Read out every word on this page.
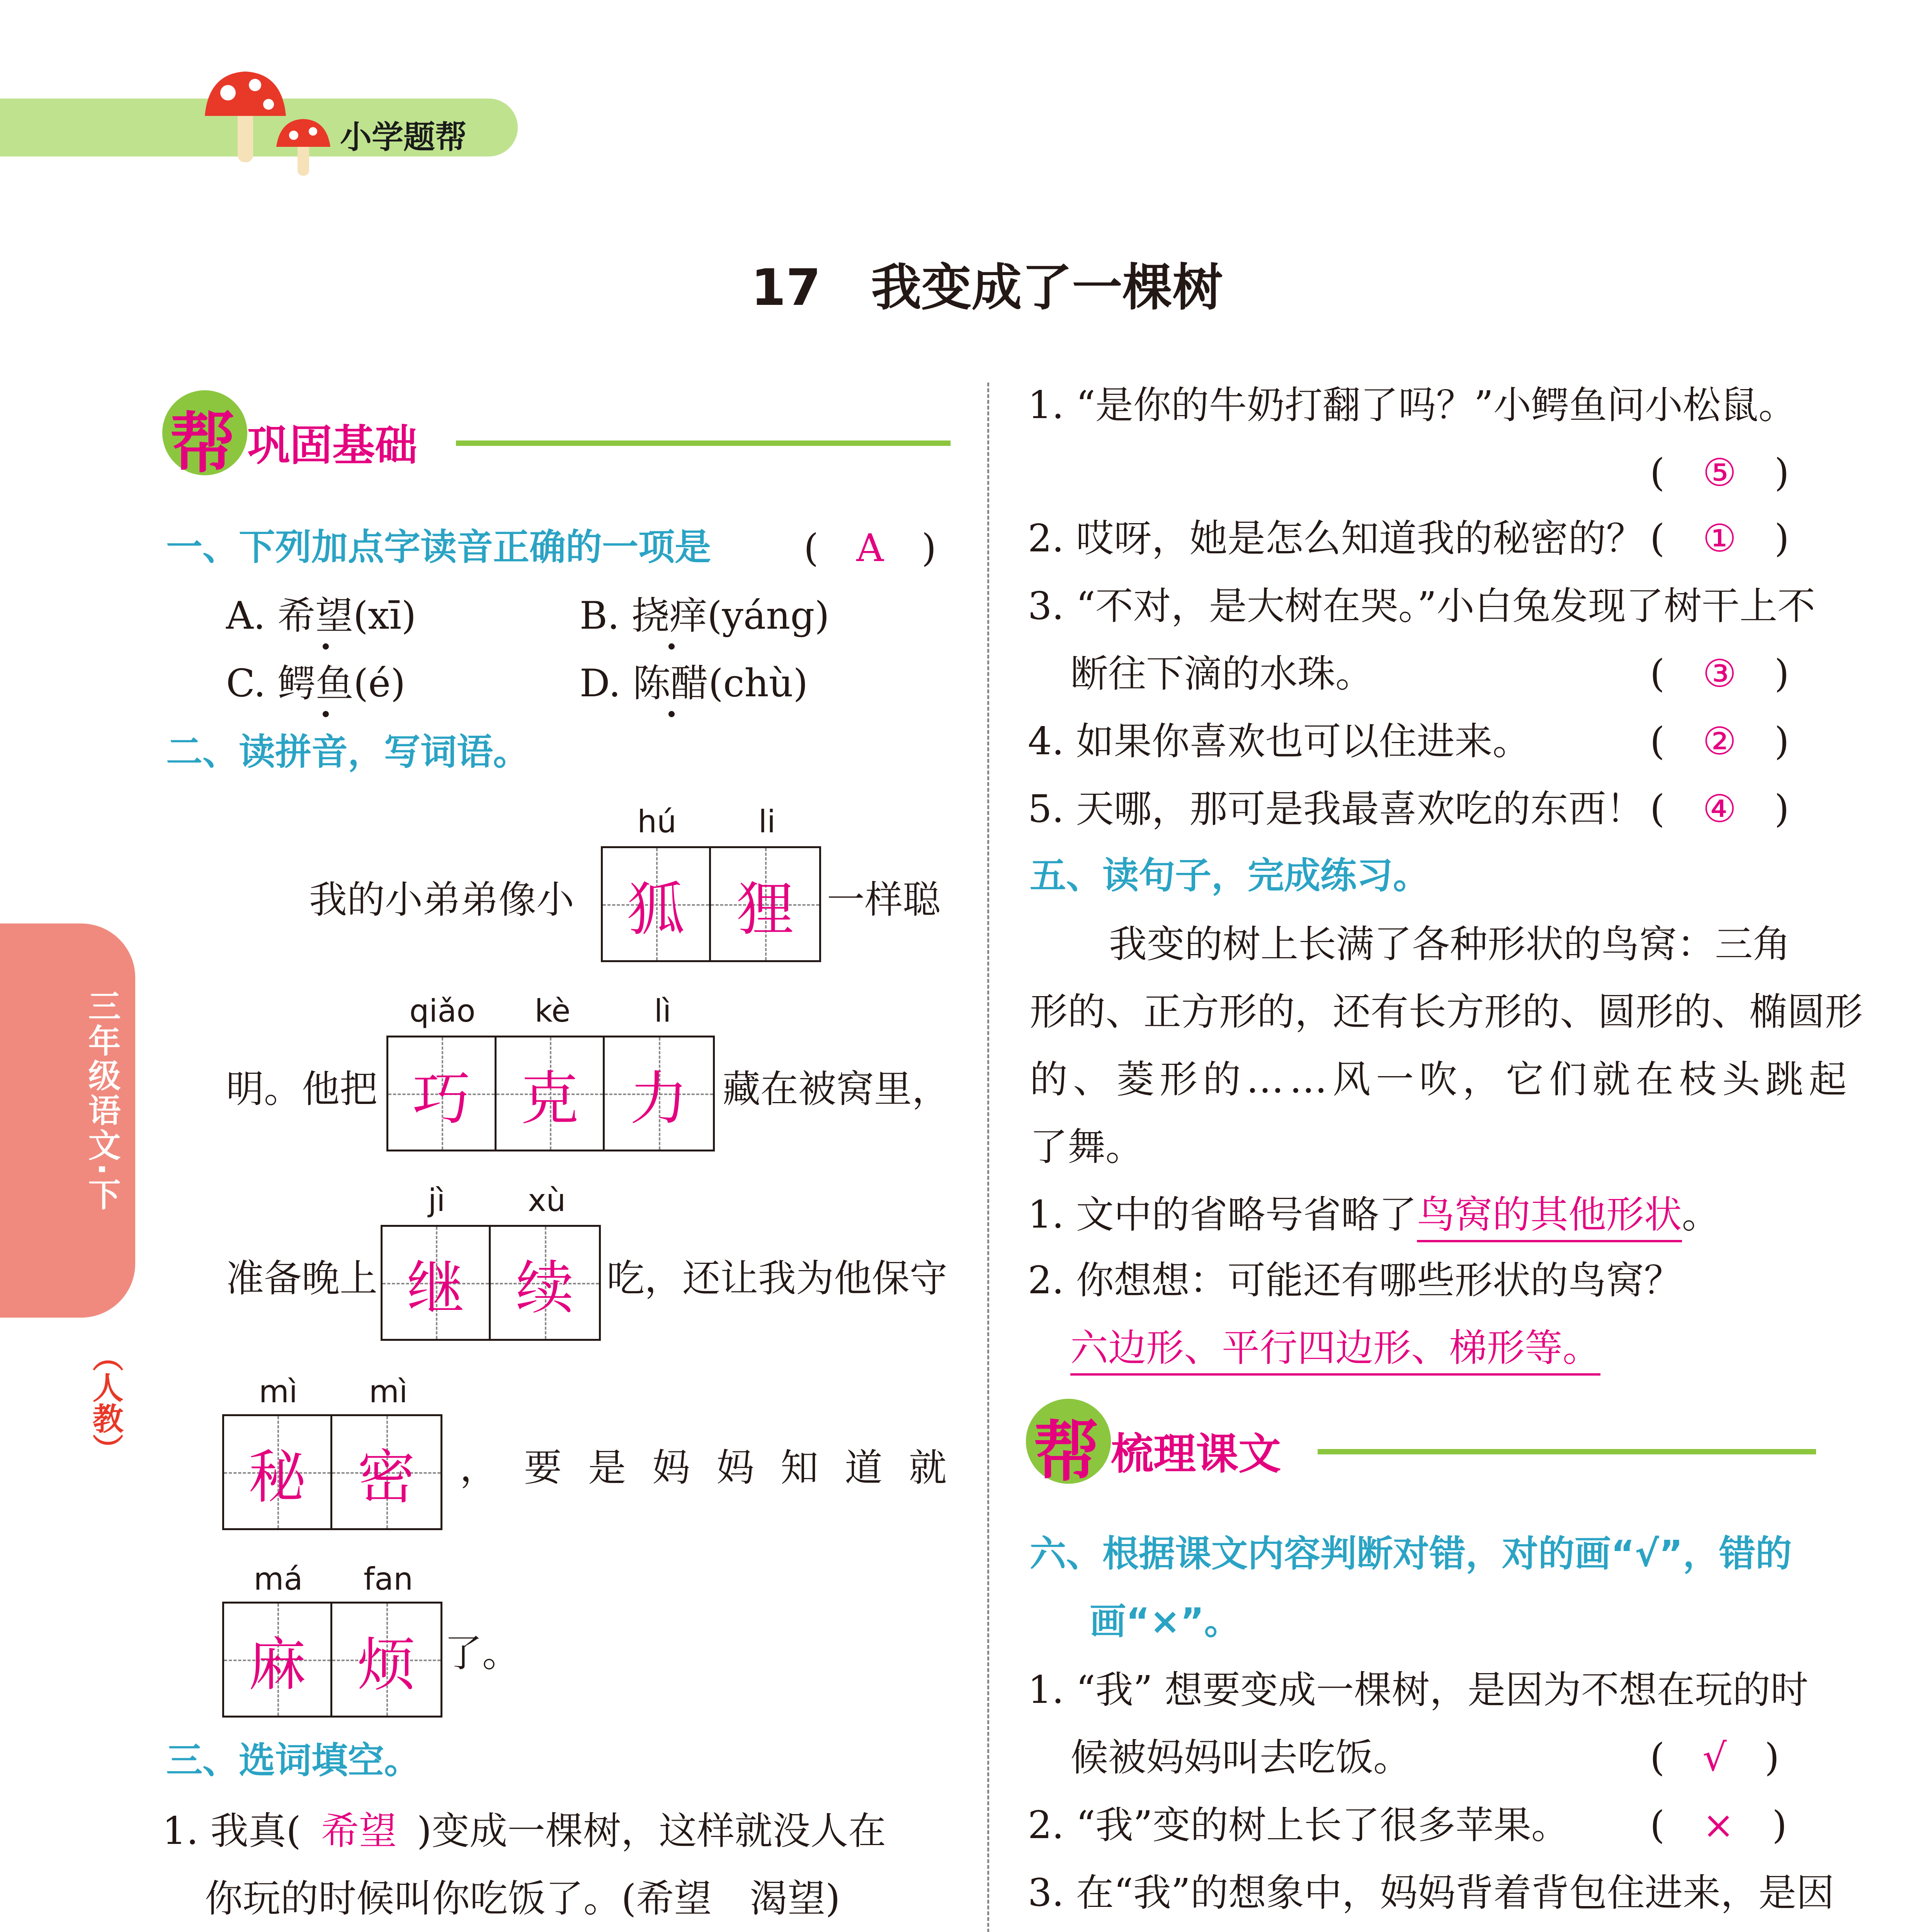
小学题帮
17　我变成了一棵树
三年级语文·下
（人教）
帮 巩固基础
一、下列加点字读音正确的一项是 (　A　)
A. 希望(xī)	B. 挠痒(yáng)
C. 鳄鱼(é)	D. 陈醋(chù)
二、读拼音，写词语。
我的小弟弟像小
hú	li
狐 狸 一样聪
明。他把
qiǎo	kè	lì
巧 克 力 藏在被窝里，
准备晚上
jì	xù
继 续 吃，还让我为他保守
mì	mì
秘 密 ，要是妈妈知道就
má	fan
麻 烦 了。
三、选词填空。
1. 我真( 希望 )变成一棵树，这样就没人在
你玩的时候叫你吃饭了。(希望　渴望)
1. “是你的牛奶打翻了吗？”小鳄鱼问小松鼠。
(　⑤　)
2. 哎呀，她是怎么知道我的秘密的？ (　①　)
3. “不对，是大树在哭。”小白兔发现了树干上不
断往下滴的水珠。	(　③　)
4. 如果你喜欢也可以住进来。	(　②　)
5. 天哪，那可是我最喜欢吃的东西！ (　④　)
五、读句子，完成练习。
我变的树上长满了各种形状的鸟窝：三角
形的、正方形的，还有长方形的、圆形的、椭圆形
的、菱形的……风一吹，它们就在枝头跳起
了舞。
1. 文中的省略号省略了鸟窝的其他形状。
2. 你想想：可能还有哪些形状的鸟窝？
六边形、平行四边形、梯形等。
帮 梳理课文
六、根据课文内容判断对错，对的画“√”，错的
画“×”。
1. “我” 想要变成一棵树，是因为不想在玩的时
候被妈妈叫去吃饭。	(　√　)
2. “我”变的树上长了很多苹果。 (　×　)
3. 在“我”的想象中，妈妈背着背包住进来，是因
